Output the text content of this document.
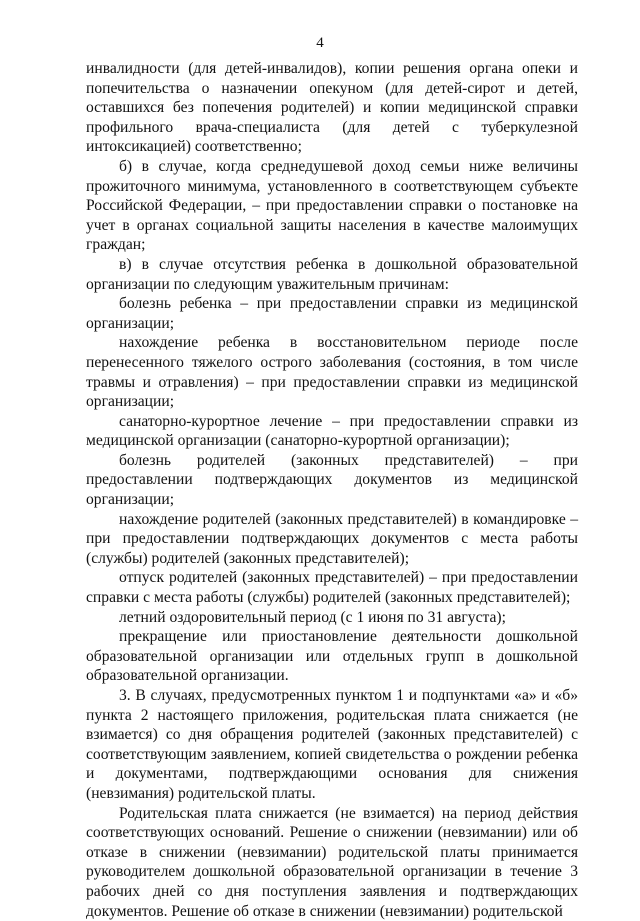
4

инвалидности (для детей-инвалидов), копии решения органа опеки и попечительства о назначении опекуном (для детей-сирот и детей, оставшихся без попечения родителей) и копии медицинской справки профильного врача-специалиста (для детей с туберкулезной интоксикацией) соответственно;

б) в случае, когда среднедушевой доход семьи ниже величины прожиточного минимума, установленного в соответствующем субъекте Российской Федерации, – при предоставлении справки о постановке на учет в органах социальной защиты населения в качестве малоимущих граждан;

в) в случае отсутствия ребенка в дошкольной образовательной организации по следующим уважительным причинам:

болезнь ребенка – при предоставлении справки из медицинской организации;

нахождение ребенка в восстановительном периоде после перенесенного тяжелого острого заболевания (состояния, в том числе травмы и отравления) – при предоставлении справки из медицинской организации;

санаторно-курортное лечение – при предоставлении справки из медицинской организации (санаторно-курортной организации);

болезнь родителей (законных представителей) – при предоставлении подтверждающих документов из медицинской организации;

нахождение родителей (законных представителей) в командировке – при предоставлении подтверждающих документов с места работы (службы) родителей (законных представителей);

отпуск родителей (законных представителей) – при предоставлении справки с места работы (службы) родителей (законных представителей);

летний оздоровительный период (с 1 июня по 31 августа);

прекращение или приостановление деятельности дошкольной образовательной организации или отдельных групп в дошкольной образовательной организации.

3. В случаях, предусмотренных пунктом 1 и подпунктами «а» и «б» пункта 2 настоящего приложения, родительская плата снижается (не взимается) со дня обращения родителей (законных представителей) с соответствующим заявлением, копией свидетельства о рождении ребенка и документами, подтверждающими основания для снижения (невзимания) родительской платы.

Родительская плата снижается (не взимается) на период действия соответствующих оснований. Решение о снижении (невзимании) или об отказе в снижении (невзимании) родительской платы принимается руководителем дошкольной образовательной организации в течение 3 рабочих дней со дня поступления заявления и подтверждающих документов. Решение об отказе в снижении (невзимании) родительской
